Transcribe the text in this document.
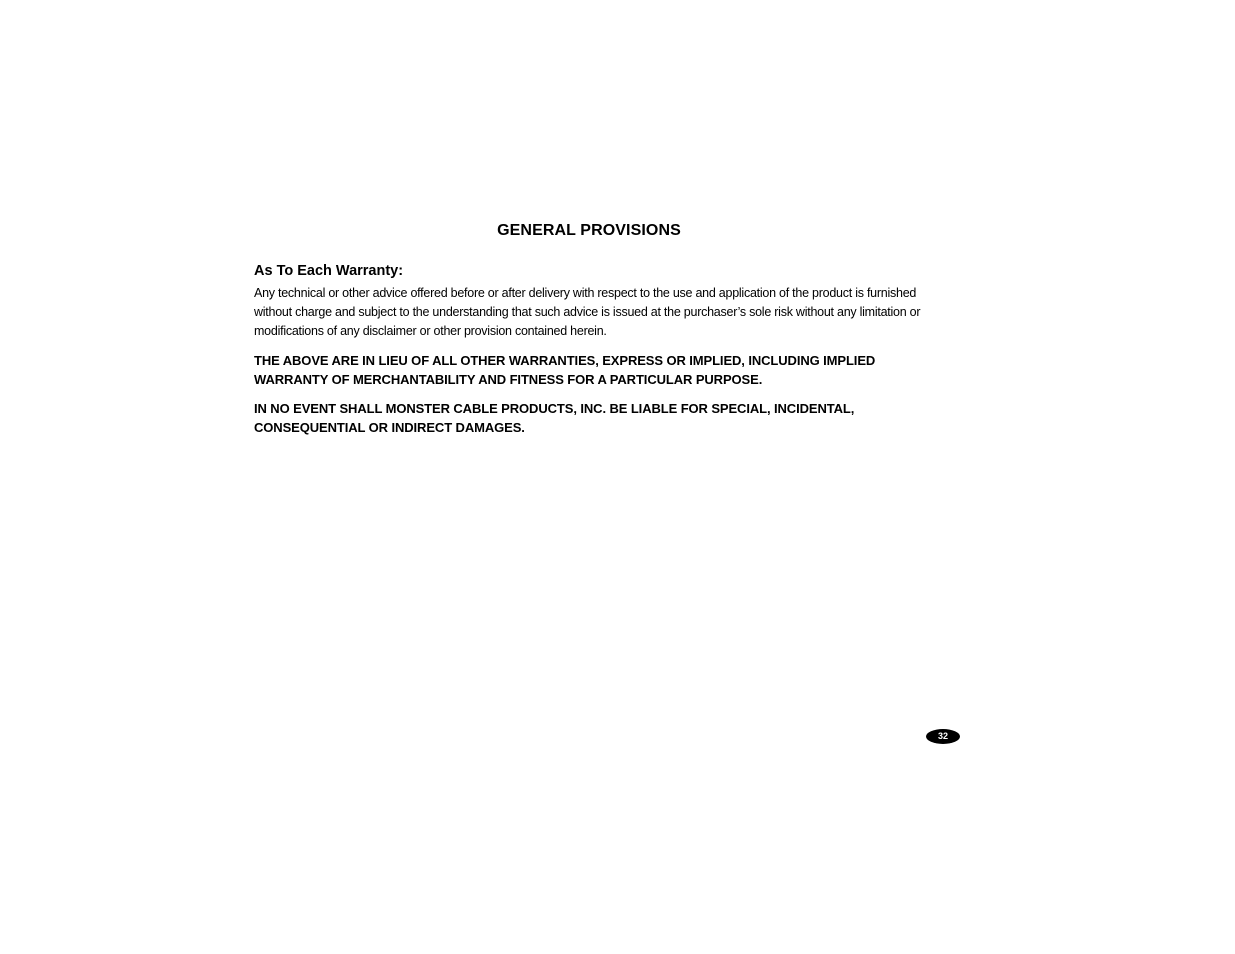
GENERAL PROVISIONS
As To Each Warranty:

Any technical or other advice offered before or after delivery with respect to the use and application of the product is furnished without charge and subject to the understanding that such advice is issued at the purchaser’s sole risk without any limitation or modifications of any disclaimer or other provision contained herein.

THE ABOVE ARE IN LIEU OF ALL OTHER WARRANTIES, EXPRESS OR IMPLIED, INCLUDING IMPLIED WARRANTY OF MERCHANTABILITY AND FITNESS FOR A PARTICULAR PURPOSE.

IN NO EVENT SHALL MONSTER CABLE PRODUCTS, INC. BE LIABLE FOR SPECIAL, INCIDENTAL, CONSEQUENTIAL OR INDIRECT DAMAGES.

32
